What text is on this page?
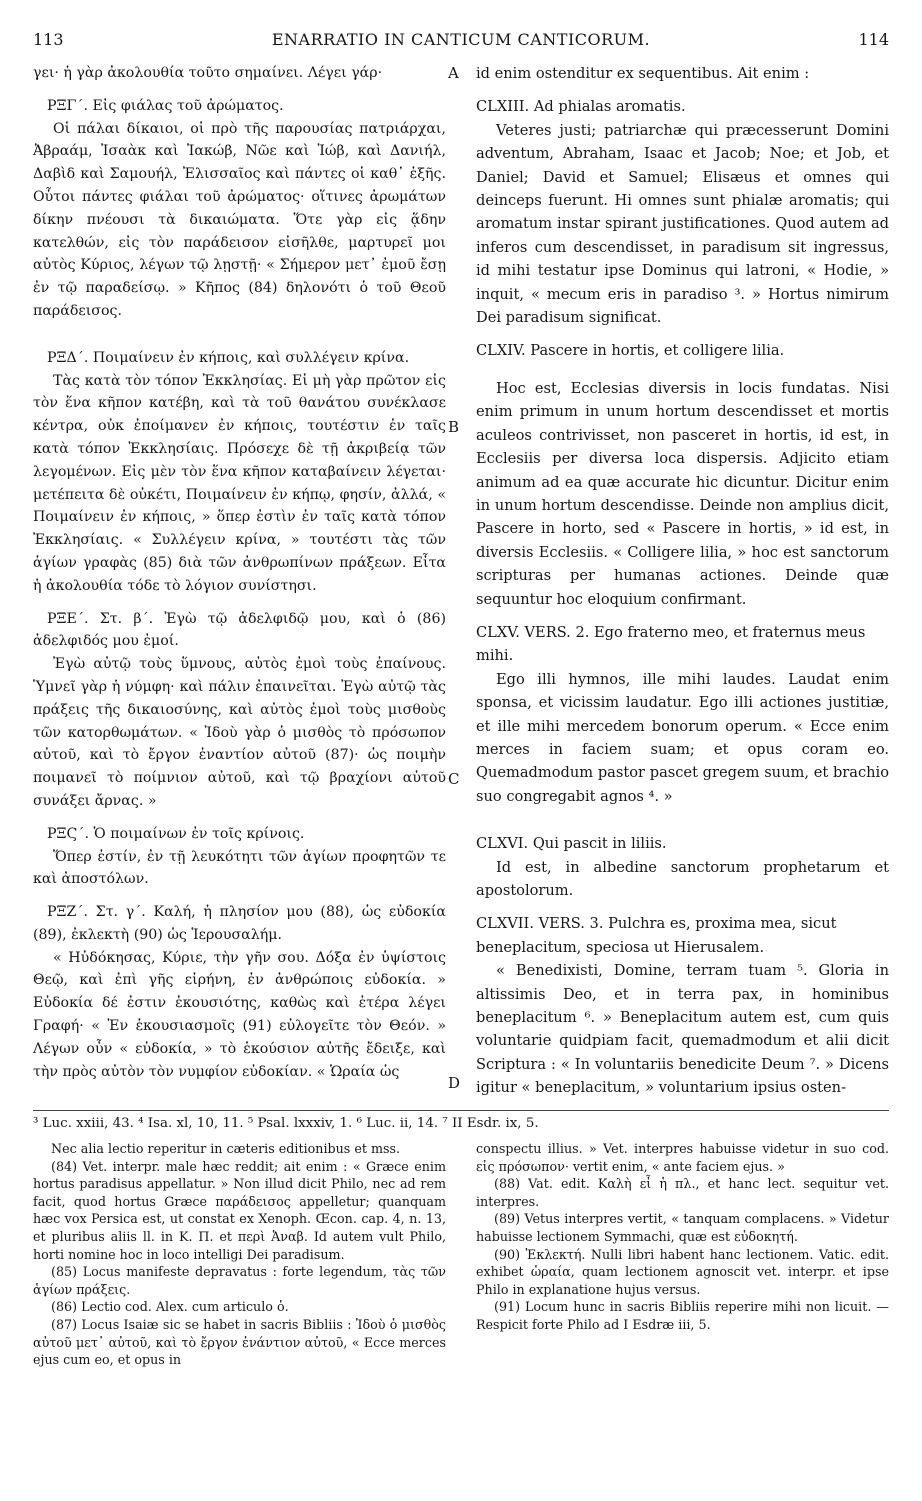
113	ENARRATIO IN CANTICUM CANTICORUM.	114

γει· ἡ γὰρ ἀκολουθία τοῦτο σημαίνει. Λέγει γάρ·

ΡΞΓ΄. Εἰς φιάλας τοῦ ἀρώματος.

Οἱ πάλαι δίκαιοι, οἱ πρὸ τῆς παρουσίας πατριάρχαι, Ἀβραάμ, Ἰσαὰκ καὶ Ἰακώβ, Νῶε καὶ Ἰώβ, καὶ Δανιήλ, Δαβὶδ καὶ Σαμουήλ, Ἐλισσαῖος καὶ πάντες οἱ καθ᾿ ἑξῆς. Οὗτοι πάντες φιάλαι τοῦ ἀρώματος· οἵτινες ἀρωμάτων δίκην πνέουσι τὰ δικαιώματα. Ὅτε γὰρ εἰς ᾅδην κατελθών, εἰς τὸν παράδεισον εἰσῆλθε, μαρτυρεῖ μοι αὐτὸς Κύριος, λέγων τῷ λῃστῇ· « Σήμερον μετ᾿ ἐμοῦ ἔσῃ ἐν τῷ παραδείσῳ. » Κῆπος (84) δηλονότι ὁ τοῦ Θεοῦ παράδεισος.

ΡΞΔ΄. Ποιμαίνειν ἐν κήποις, καὶ συλλέγειν κρίνα.

Τὰς κατὰ τὸν τόπον Ἐκκλησίας. Εἰ μὴ γὰρ πρῶτον εἰς τὸν ἕνα κῆπον κατέβη, καὶ τὰ τοῦ θανάτου συνέκλασε κέντρα, οὐκ ἐποίμανεν ἐν κήποις, τουτέστιν ἐν ταῖς κατὰ τόπον Ἐκκλησίαις. Πρόσεχε δὲ τῇ ἀκριβείᾳ τῶν λεγομένων. Εἰς μὲν τὸν ἕνα κῆπον καταβαίνειν λέγεται· μετέπειτα δὲ οὐκέτι, Ποιμαίνειν ἐν κήπῳ, φησίν, ἀλλά, « Ποιμαίνειν ἐν κήποις, » ὅπερ ἐστὶν ἐν ταῖς κατὰ τόπον Ἐκκλησίαις. « Συλλέγειν κρίνα, » τουτέστι τὰς τῶν ἁγίων γραφὰς (85) διὰ τῶν ἀνθρωπίνων πράξεων. Εἶτα ἡ ἀκολουθία τόδε τὸ λόγιον συνίστησι.

ΡΞΕ΄. Στ. β΄. Ἐγὼ τῷ ἀδελφιδῷ μου, καὶ ὁ (86) ἀδελφιδός μου ἐμοί.

Ἐγὼ αὐτῷ τοὺς ὕμνους, αὐτὸς ἐμοὶ τοὺς ἐπαίνους. Ὑμνεῖ γὰρ ἡ νύμφη· καὶ πάλιν ἐπαινεῖται. Ἐγὼ αὐτῷ τὰς πράξεις τῆς δικαιοσύνης, καὶ αὐτὸς ἐμοὶ τοὺς μισθοὺς τῶν κατορθωμάτων. « Ἰδοὺ γὰρ ὁ μισθὸς τὸ πρόσωπον αὐτοῦ, καὶ τὸ ἔργον ἐναντίον αὐτοῦ (87)· ὡς ποιμὴν ποιμανεῖ τὸ ποίμνιον αὐτοῦ, καὶ τῷ βραχίονι αὐτοῦ συνάξει ἄρνας. »

ΡΞϚ΄. Ὁ ποιμαίνων ἐν τοῖς κρίνοις.

Ὅπερ ἐστίν, ἐν τῇ λευκότητι τῶν ἁγίων προφητῶν τε καὶ ἀποστόλων.

ΡΞΖ΄. Στ. γ΄. Καλή, ἡ πλησίον μου (88), ὡς εὐδοκία (89), ἐκλεκτὴ (90) ὡς Ἱερουσαλήμ.

« Ηὐδόκησας, Κύριε, τὴν γῆν σου. Δόξα ἐν ὑψίστοις Θεῷ, καὶ ἐπὶ γῆς εἰρήνη, ἐν ἀνθρώποις εὐδοκία. » Εὐδοκία δέ ἐστιν ἑκουσιότης, καθὼς καὶ ἑτέρα λέγει Γραφή· « Ἐν ἑκουσιασμοῖς (91) εὐλογεῖτε τὸν Θεόν. » Λέγων οὖν « εὐδοκία, » τὸ ἑκούσιον αὐτῆς ἔδειξε, καὶ τὴν πρὸς αὐτὸν τὸν νυμφίον εὐδοκίαν. « Ὡραία ὡς

id enim ostenditur ex sequentibus. Ait enim :

CLXIII. Ad phialas aromatis.

Veteres justi; patriarchæ qui præcesserunt Domini adventum, Abraham, Isaac et Jacob; Noe; et Job, et Daniel; David et Samuel; Elisæus et omnes qui deinceps fuerunt. Hi omnes sunt phialæ aromatis; qui aromatum instar spirant justificationes. Quod autem ad inferos cum descendisset, in paradisum sit ingressus, id mihi testatur ipse Dominus qui latroni, « Hodie, » inquit, « mecum eris in paradiso ³. » Hortus nimirum Dei paradisum significat.

CLXIV. Pascere in hortis, et colligere lilia.

Hoc est, Ecclesias diversis in locis fundatas. Nisi enim primum in unum hortum descendisset et mortis aculeos contrivisset, non pasceret in hortis, id est, in Ecclesiis per diversa loca dispersis. Adjicito etiam animum ad ea quæ accurate hic dicuntur. Dicitur enim in unum hortum descendisse. Deinde non amplius dicit, Pascere in horto, sed « Pascere in hortis, » id est, in diversis Ecclesiis. « Colligere lilia, » hoc est sanctorum scripturas per humanas actiones. Deinde quæ sequuntur hoc eloquium confirmant.

CLXV. VERS. 2. Ego fraterno meo, et fraternus meus mihi.

Ego illi hymnos, ille mihi laudes. Laudat enim sponsa, et vicissim laudatur. Ego illi actiones justitiæ, et ille mihi mercedem bonorum operum. « Ecce enim merces in faciem suam; et opus coram eo. Quemadmodum pastor pascet gregem suum, et brachio suo congregabit agnos ⁴. »

CLXVI. Qui pascit in liliis.

Id est, in albedine sanctorum prophetarum et apostolorum.

CLXVII. VERS. 3. Pulchra es, proxima mea, sicut beneplacitum, speciosa ut Hierusalem.

« Benedixisti, Domine, terram tuam ⁵. Gloria in altissimis Deo, et in terra pax, in hominibus beneplacitum ⁶. » Beneplacitum autem est, cum quis voluntarie quidpiam facit, quemadmodum et alii dicit Scriptura : « In voluntariis benedicite Deum ⁷. » Dicens igitur « beneplacitum, » voluntarium ipsius osten-

A
B
C
D
³ Luc. xxiii, 43. ⁴ Isa. xl, 10, 11. ⁵ Psal. lxxxiv, 1. ⁶ Luc. ii, 14. ⁷ II Esdr. ix, 5.

Nec alia lectio reperitur in cæteris editionibus et mss.

(84) Vet. interpr. male hæc reddit; ait enim : « Græce enim hortus paradisus appellatur. » Non illud dicit Philo, nec ad rem facit, quod hortus Græce παράδεισος appelletur; quanquam hæc vox Persica est, ut constat ex Xenoph. Œcon. cap. 4, n. 13, et pluribus aliis ll. in K. Π. et περὶ Ἀναβ. Id autem vult Philo, horti nomine hoc in loco intelligi Dei paradisum.

(85) Locus manifeste depravatus : forte legendum, τὰς τῶν ἁγίων πράξεις.

(86) Lectio cod. Alex. cum articulo ὁ.

(87) Locus Isaiæ sic se habet in sacris Bibliis : Ἰδοὺ ὁ μισθὸς αὐτοῦ μετ᾿ αὐτοῦ, καὶ τὸ ἔργον ἐνάντιον αὐτοῦ, « Ecce merces ejus cum eo, et opus in

conspectu illius. » Vet. interpres habuisse videtur in suo cod. εἰς πρόσωπον· vertit enim, « ante faciem ejus. »

(88) Vat. edit. Καλὴ εἶ ἡ πλ., et hanc lect. sequitur vet. interpres.

(89) Vetus interpres vertit, « tanquam complacens. » Videtur habuisse lectionem Symmachi, quæ est εὐδοκητή.

(90) Ἐκλεκτή. Nulli libri habent hanc lectionem. Vatic. edit. exhibet ὡραία, quam lectionem agnoscit vet. interpr. et ipse Philo in explanatione hujus versus.

(91) Locum hunc in sacris Bibliis reperire mihi non licuit. — Respicit forte Philo ad I Esdræ iii, 5.
